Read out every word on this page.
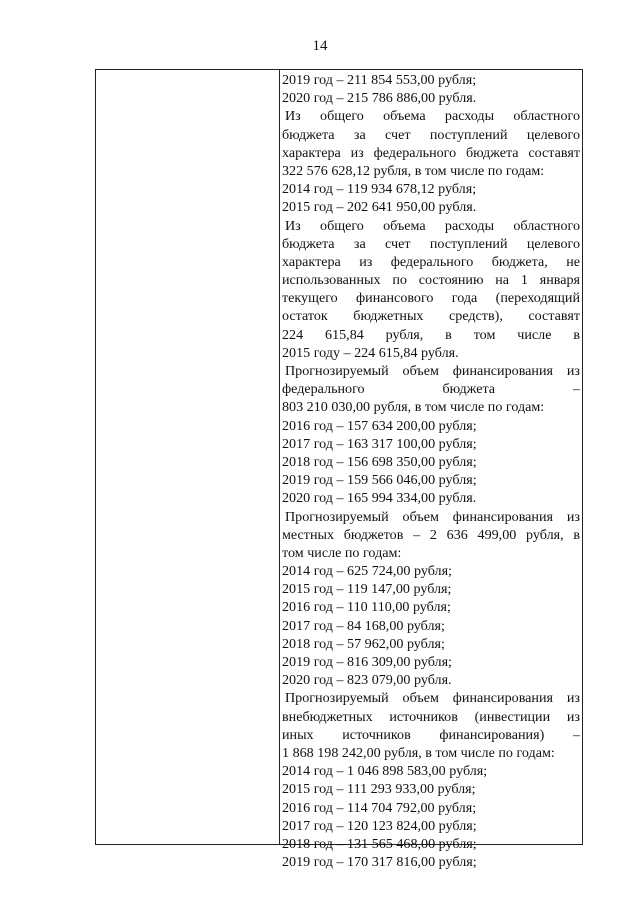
14
2019 год – 211 854 553,00 рубля;
2020 год – 215 786 886,00 рубля.
Из общего объема расходы областного
бюджета за счет поступлений целевого
характера из федерального бюджета составят
322 576 628,12 рубля, в том числе по годам:
2014 год – 119 934 678,12 рубля;
2015 год – 202 641 950,00 рубля.
Из общего объема расходы областного
бюджета за счет поступлений целевого
характера из федерального бюджета, не
использованных по состоянию на 1 января
текущего финансового года (переходящий
остаток бюджетных средств), составят
224 615,84 рубля, в том числе в
2015 году – 224 615,84 рубля.
Прогнозируемый объем финансирования из
федерального бюджета –
803 210 030,00 рубля, в том числе по годам:
2016 год – 157 634 200,00 рубля;
2017 год – 163 317 100,00 рубля;
2018 год – 156 698 350,00 рубля;
2019 год – 159 566 046,00 рубля;
2020 год – 165 994 334,00 рубля.
Прогнозируемый объем финансирования из
местных бюджетов – 2 636 499,00 рубля, в
том числе по годам:
2014 год – 625 724,00 рубля;
2015 год – 119 147,00 рубля;
2016 год – 110 110,00 рубля;
2017 год – 84 168,00 рубля;
2018 год – 57 962,00 рубля;
2019 год – 816 309,00 рубля;
2020 год – 823 079,00 рубля.
Прогнозируемый объем финансирования из
внебюджетных источников (инвестиции из
иных источников финансирования) –
1 868 198 242,00 рубля, в том числе по годам:
2014 год – 1 046 898 583,00 рубля;
2015 год – 111 293 933,00 рубля;
2016 год – 114 704 792,00 рубля;
2017 год – 120 123 824,00 рубля;
2018 год – 131 565 468,00 рубля;
2019 год – 170 317 816,00 рубля;
